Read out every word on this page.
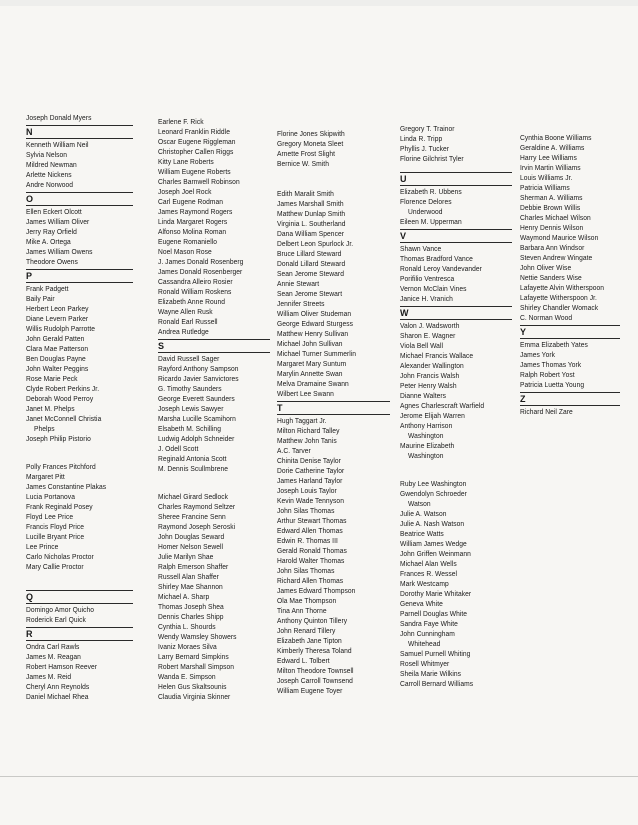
Joseph Donald Myers
N
Kenneth William Neil
Sylvia Nelson
Mildred Newman
Arlette Nickens
Andre Norwood
O
Ellen Eckert Olcott
James William Oliver
Jerry Ray Orfield
Mike A. Ortega
James William Owens
Theodore Owens
P
Frank Padgett
Baily Pair
Herbert Leon Parkey
Diane Levern Parker
Willis Rudolph Parrotte
John Gerald Patten
Clara Mae Patterson
Ben Douglas Payne
John Walter Peggins
Rose Marie Peck
Clyde Robert Perkins Jr.
Deborah Wood Perroy
Janet M. Phelps
Janet McConnell Christia
Phelps
Joseph Philip Pistorio
Polly Frances Pitchford
Margaret Pitt
James Constantine Plakas
Lucia Portanova
Frank Reginald Posey
Floyd Lee Price
Francis Floyd Price
Lucille Bryant Price
Lee Prince
Carlo Nicholas Proctor
Mary Callie Proctor
Q
Domingo Amor Quicho
Roderick Earl Quick
R
Ondra Carl Rawls
James M. Reagan
Robert Hamson Reever
James M. Reid
Cheryl Ann Reynolds
Daniel Michael Rhea
Earlene F. Rick
Leonard Franklin Riddle
Oscar Eugene Riggleman
Christopher Callen Riggs
Kitty Lane Roberts
William Eugene Roberts
Charles Barnwell Robinson
Joseph Joel Rock
Carl Eugene Rodman
James Raymond Rogers
Linda Margaret Rogers
Alfonso Molina Roman
Eugene Romaniello
Noel Mason Rose
J. James Donald Rosenberg
James Donald Rosenberger
Cassandra Alleiro Rosier
Ronald William Roskens
Elizabeth Anne Round
Wayne Allen Rusk
Ronald Earl Russell
Andrea Rutledge
S
David Russell Sager
Rayford Anthony Sampson
Ricardo Javier Sanvictores
G. Timothy Saunders
George Everett Saunders
Joseph Lewis Sawyer
Marsha Lucille Scamihorn
Elsabeth M. Schilling
Ludwig Adolph Schneider
J. Odell Scott
Reginald Antonia Scott
M. Dennis Scullmbrene
Michael Girard Sedlock
Charles Raymond Seltzer
Sheree Francine Senn
Raymond Joseph Seroski
John Douglas Seward
Homer Nelson Sewell
Julie Marilyn Shae
Ralph Emerson Shaffer
Russell Alan Shaffer
Shirley Mae Shannon
Michael A. Sharp
Thomas Joseph Shea
Dennis Charles Shipp
Cynthia L. Shourds
Wendy Wamsley Showers
Ivaniz Moraes Silva
Larry Bernard Simpkins
Robert Marshall Simpson
Wanda E. Simpson
Helen Gus Skaltsounis
Claudia Virginia Skinner
Florine Jones Skipwith
Gregory Moneta Sleet
Arnette Frost Slight
Bernice W. Smith
Edith Maralit Smith
James Marshall Smith
Matthew Dunlap Smith
Virginia L. Southerland
Dana William Spencer
Delbert Leon Spurlock Jr.
Bruce Lillard Steward
Donald Lillard Steward
Sean Jerome Steward
Annie Stewart
Sean Jerome Stewart
Jennifer Streets
William Oliver Studeman
George Edward Sturgess
Matthew Henry Sullivan
Michael John Sullivan
Michael Turner Summerlin
Margaret Mary Suntum
Marylin Annette Swan
Melva Dramaine Swann
Wilbert Lee Swann
T
Hugh Taggart Jr.
Milton Richard Talley
Matthew John Tanis
A.C. Tarver
Chinita Denise Taylor
Dorie Catherine Taylor
James Harland Taylor
Joseph Louis Taylor
Kevin Wade Tennyson
John Silas Thomas
Arthur Stewart Thomas
Edward Allen Thomas
Edwin R. Thomas III
Gerald Ronald Thomas
Harold Walter Thomas
John Silas Thomas
Richard Allen Thomas
James Edward Thompson
Ola Mae Thompson
Tina Ann Thorne
Anthony Quinton Tillery
John Renard Tillery
Elizabeth Jane Tipton
Kimberly Theresa Toland
Edward L. Tolbert
Milton Theodore Townsell
Joseph Carroll Townsend
William Eugene Toyer
Gregory T. Trainor
Linda R. Tripp
Phyllis J. Tucker
Florine Gilchrist Tyler
U
Elizabeth R. Ubbens
Florence Delores
Underwood
Eileen M. Upperman
V
Shawn Vance
Thomas Bradford Vance
Ronald Leroy Vandevander
Porifilio Ventresca
Vernon McClain Vines
Janice H. Vranich
W
Valon J. Wadsworth
Sharon E. Wagner
Viola Bell Wall
Michael Francis Wallace
Alexander Wallington
John Francis Walsh
Peter Henry Walsh
Dianne Walters
Agnes Charlescraft Warfield
Jerome Elijah Warren
Anthony Harrison
Washington
Maurine Elizabeth
Washington
Ruby Lee Washington
Gwendolyn Schroeder
Watson
Julie A. Watson
Julie A. Nash Watson
Beatrice Watts
William James Wedge
John Griffen Weinmann
Michael Alan Wells
Frances R. Wessel
Mark Westcamp
Dorothy Marie Whitaker
Geneva White
Parnell Douglas White
Sandra Faye White
John Cunningham
Whitehead
Samuel Purnell Whiting
Rosell Whitmyer
Sheila Marie Wilkins
Carroll Bernard Williams
Cynthia Boone Williams
Geraldine A. Williams
Harry Lee Williams
Irvin Martin Williams
Louis Williams Jr.
Patricia Williams
Sherman A. Williams
Debbie Brown Willis
Charles Michael Wilson
Henry Dennis Wilson
Waymond Maurice Wilson
Barbara Ann Windsor
Steven Andrew Wingate
John Oliver Wise
Nettie Sanders Wise
Lafayette Alvin Witherspoon
Lafayette Witherspoon Jr.
Shirley Chandler Womack
C. Norman Wood
Y
Emma Elizabeth Yates
James York
James Thomas York
Ralph Robert Yost
Patricia Luetta Young
Z
Richard Neil Zare
